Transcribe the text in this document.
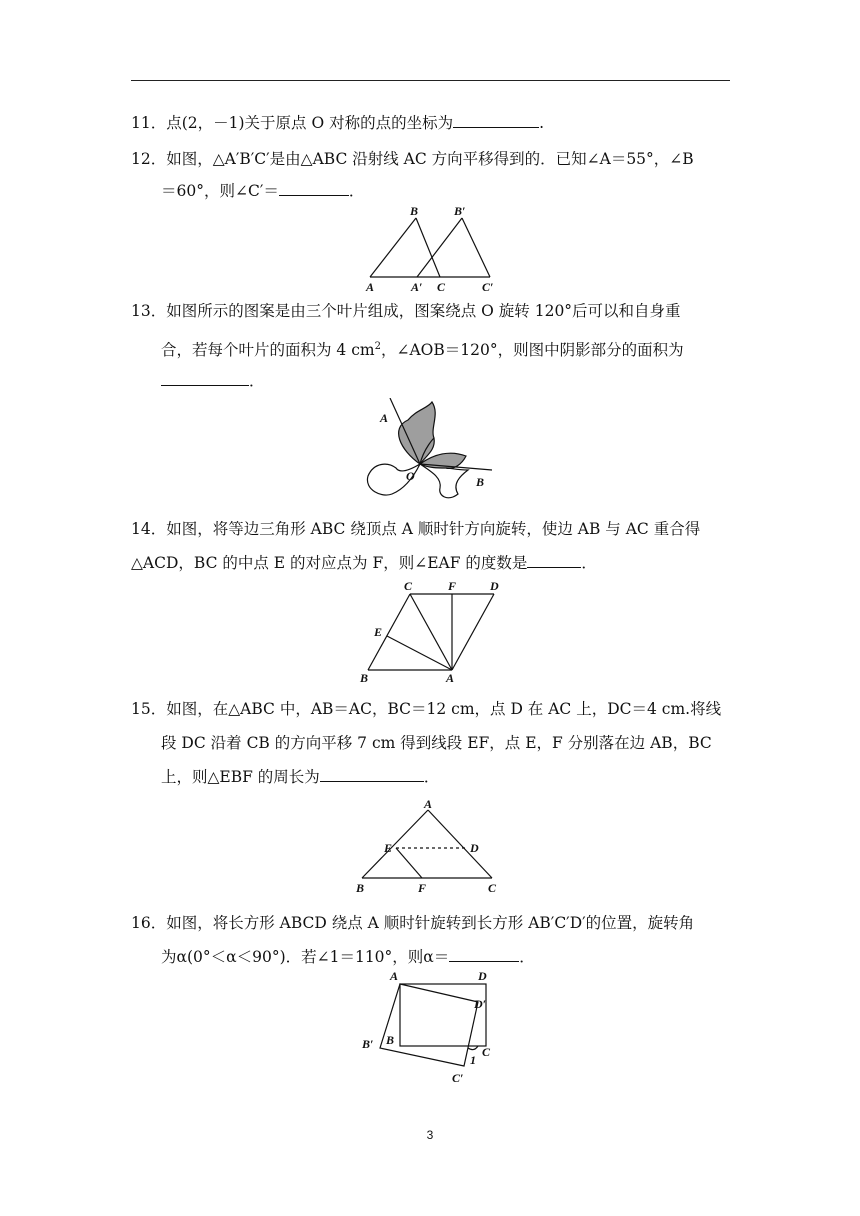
11．点(2，－1)关于原点 O 对称的点的坐标为	.
12．如图，△A′B′C′是由△ABC 沿射线 AC 方向平移得到的．已知∠A＝55°，∠B
＝60°，则∠C′＝	．
B	B′
A	A′ C	C′
13．如图所示的图案是由三个叶片组成，图案绕点 O 旋转 120°后可以和自身重
合，若每个叶片的面积为 4 $cm^2$，∠AOB＝120°，则图中阴影部分的面积为
．
A
O	B
14．如图，将等边三角形 ABC 绕顶点 A 顺时针方向旋转，使边 AB 与 AC 重合得
△ACD，BC 的中点 E 的对应点为 F，则∠EAF 的度数是	．
C	F	D
E
B	A
15．如图，在△ABC 中，AB＝AC，BC＝12 cm，点 D 在 AC 上，DC＝4 cm.将线
段 DC 沿着 CB 的方向平移 7 cm 得到线段 EF，点 E，F 分别落在边 AB，BC
上，则△EBF 的周长为	．
A
E	D
B	F	C
16．如图，将长方形 ABCD 绕点 A 顺时针旋转到长方形 AB′C′D′的位置，旋转角
为α(0°＜α＜90°)．若∠1＝110°，则α＝	．
A	D
D′
B′ B
C
1
C′
3
